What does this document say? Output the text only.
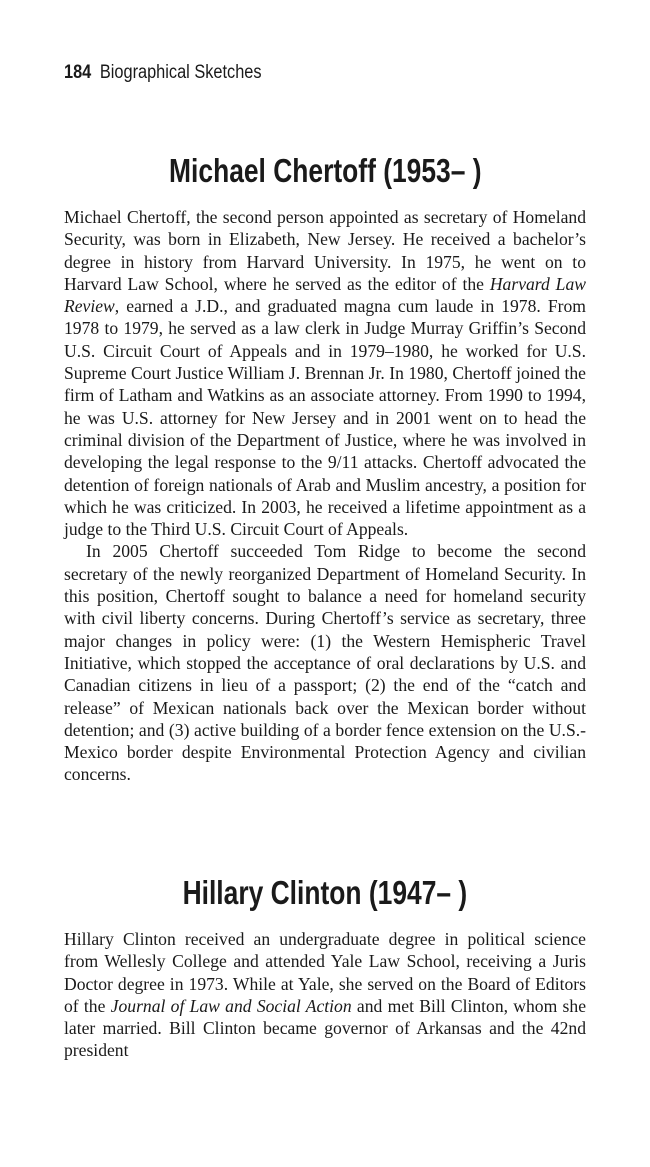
184 Biographical Sketches
Michael Chertoff (1953– )

Michael Chertoff, the second person appointed as secretary of Homeland Security, was born in Elizabeth, New Jersey. He received a bachelor’s degree in history from Harvard University. In 1975, he went on to Harvard Law School, where he served as the editor of the Harvard Law Review, earned a J.D., and graduated magna cum laude in 1978. From 1978 to 1979, he served as a law clerk in Judge Murray Griffin’s Second U.S. Circuit Court of Appeals and in 1979–1980, he worked for U.S. Supreme Court Justice William J. Brennan Jr. In 1980, Chertoff joined the firm of Latham and Watkins as an associate attorney. From 1990 to 1994, he was U.S. attorney for New Jersey and in 2001 went on to head the criminal division of the Department of Justice, where he was involved in developing the legal response to the 9/11 attacks. Chertoff advocated the detention of foreign nationals of Arab and Muslim ancestry, a position for which he was criticized. In 2003, he received a lifetime appointment as a judge to the Third U.S. Circuit Court of Appeals.

In 2005 Chertoff succeeded Tom Ridge to become the second secretary of the newly reorganized Department of Homeland Security. In this position, Chertoff sought to balance a need for homeland security with civil liberty concerns. During Chertoff’s service as secretary, three major changes in policy were: (1) the Western Hemispheric Travel Initiative, which stopped the acceptance of oral declarations by U.S. and Canadian citizens in lieu of a passport; (2) the end of the “catch and release” of Mexican nationals back over the Mexican border without detention; and (3) active building of a border fence extension on the U.S.-Mexico border despite Environmental Protection Agency and civilian concerns.

Hillary Clinton (1947– )

Hillary Clinton received an undergraduate degree in political science from Wellesly College and attended Yale Law School, receiving a Juris Doctor degree in 1973. While at Yale, she served on the Board of Editors of the Journal of Law and Social Action and met Bill Clinton, whom she later married. Bill Clinton became governor of Arkansas and the 42nd president
